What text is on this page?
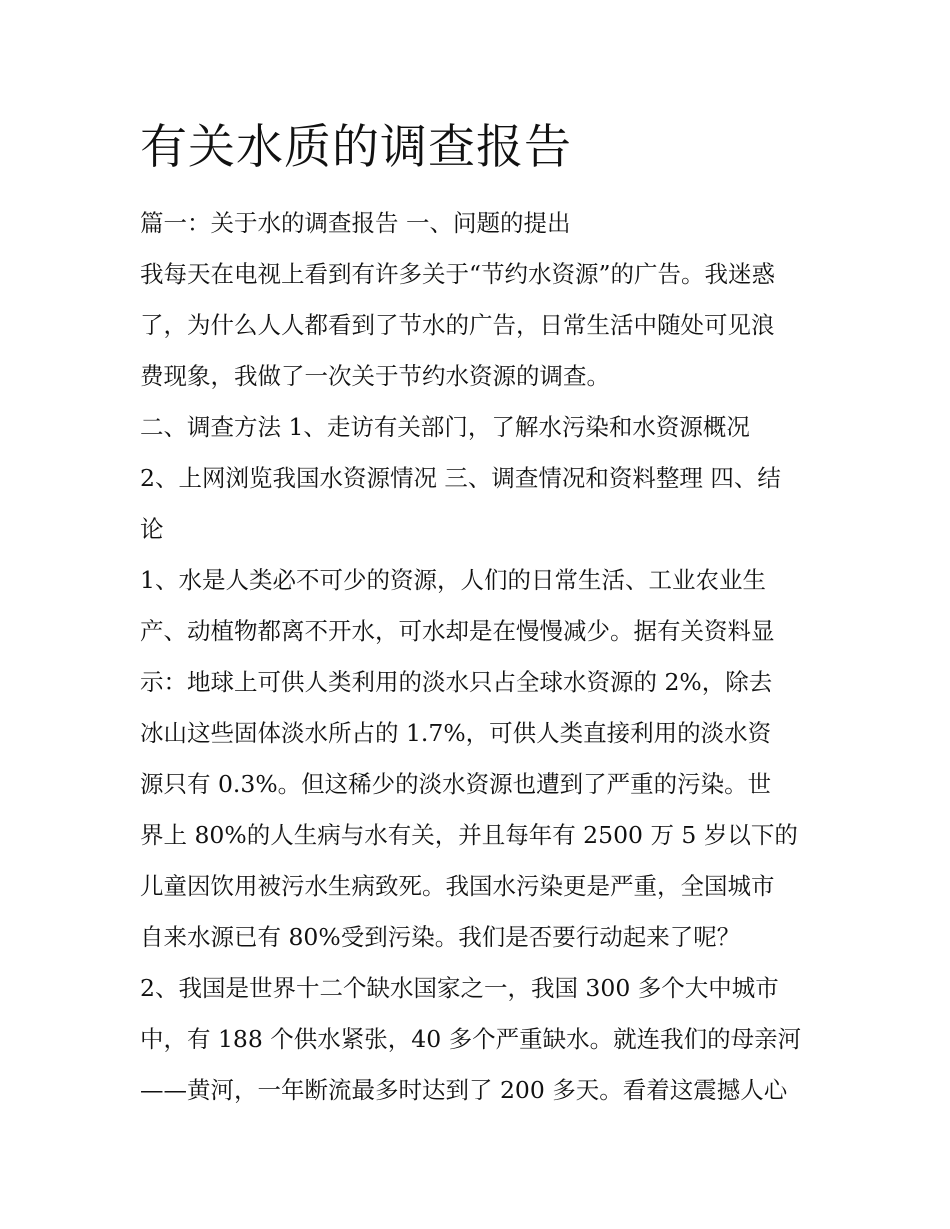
有关水质的调查报告
篇一：关于水的调查报告 一、问题的提出
我每天在电视上看到有许多关于“节约水资源”的广告。我迷惑
了，为什么人人都看到了节水的广告，日常生活中随处可见浪
费现象，我做了一次关于节约水资源的调查。
二、调查方法 1、走访有关部门，了解水污染和水资源概况
2、上网浏览我国水资源情况 三、调查情况和资料整理 四、结
论
1、水是人类必不可少的资源，人们的日常生活、工业农业生
产、动植物都离不开水，可水却是在慢慢减少。据有关资料显
示：地球上可供人类利用的淡水只占全球水资源的 2%，除去
冰山这些固体淡水所占的 1.7%，可供人类直接利用的淡水资
源只有 0.3%。但这稀少的淡水资源也遭到了严重的污染。世
界上 80%的人生病与水有关，并且每年有 2500 万 5 岁以下的
儿童因饮用被污水生病致死。我国水污染更是严重，全国城市
自来水源已有 80%受到污染。我们是否要行动起来了呢？
2、我国是世界十二个缺水国家之一，我国 300 多个大中城市
中，有 188 个供水紧张，40 多个严重缺水。就连我们的母亲河
——黄河，一年断流最多时达到了 200 多天。看着这震撼人心
